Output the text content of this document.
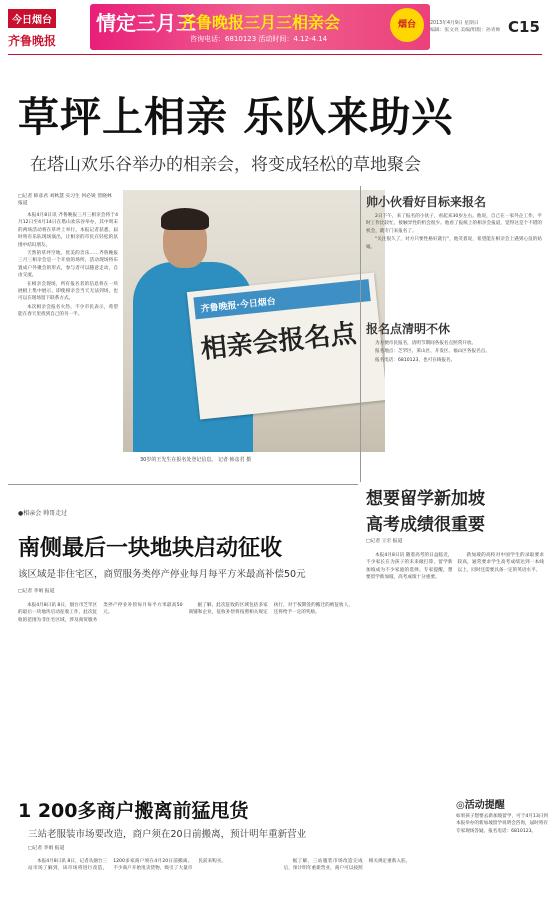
今日烟台
齐鲁晚报
情定三月三
齐鲁晚报三月三相亲会
咨询电话：6810123 活动时间：4.12-4.14
烟台	2013年4月9日 星期日
编辑：张文亮 美编/组版：孙青帅 C15
草坪上相亲 乐队来助兴
在塔山欢乐谷举办的相亲会，将变成轻松的草地聚会
□记者 韩彦君 刘秋慧 实习生 何必锐 贺晓林 报道

本报4月8日讯 齐鲁晚报三月三相亲会将于4月12日至4月14日在塔山欢乐谷举办，其中周末的两场活动将在草坪上举行。本报记者获悉，届时将有乐队现场演出，让相亲的市民在轻松的氛围中结识朋友。

天然的草坪空地，优美的音乐……齐鲁晚报三月三相亲会是一个开放的场所，活动现场将布置成户外聚会的形式，参与者可以随意走动，自由交流。

在相亲会现场，所有报名者的信息将在一块展板上集中展示，即使相亲会当天无法到场，也可以在现场留下联系方式。

本次相亲会报名火热，不少市民表示，希望能在春天里找到自己的另一半。	齐鲁晚报·今日烟台
相亲会报名点
30岁的王先生在报名处登记信息。 记者 韩彦君 摄
帅小伙看好目标来报名

2日下午，来了报名的小伙子，看起来30岁左右。他说，自己在一家外企工作，平时工作比较忙，接触异性的机会很少。他看了报纸上的相亲会报道，觉得这是个不错的机会，就专门来报名了。

"关注很久了，对方只要性格好就行"，他笑着说，希望能在相亲会上遇到心仪的姑娘。

报名点清明不休

为方便市民报名，清明节期间各报名点照常开放。

报名地点：芝罘区、莱山区、开发区、福山区各报名点。

报名电话：6810123，也可在线报名。

●相亲会 帅哥走过
南侧最后一块地块启动征收
该区域是非住宅区，商贸服务类停产停业每月每平方米最高补偿50元
□记者 李娟 报道

本报4月8日讯 8日，烟台市芝罘区的最后一块地块启动征收工作，此次征收的范围为非住宅区域，涉及商贸服务类停产停业补偿每月每平方米最高50元。

据了解，此次征收的区域包括多家商铺和企业，征收补偿将按照相关规定执行，对于按期签约搬迁的被征收人，还将给予一定的奖励。

想要留学新加坡
高考成绩很重要
□记者 王宏 报道

本报4月8日讯 随着高考的日益临近，不少家长在为孩子的未来做打算，留学新加坡成为不少家庭的选择。专家提醒，想要留学新加坡，高考成绩十分重要。

新加坡的高校对中国学生的录取要求较高，通常要求学生高考成绩达到一本线以上，同时还需要具备一定的英语水平。

1 200多商户搬离前猛甩货
三站老服装市场要改造，商户须在20日前搬离，预计明年重新营业
□记者 李娟 报道

本报4月8日讯 8日，记者从烟台三站市场了解到，该市场将进行改造，1200多家商户须在4月20日前搬离。不少商户开始甩卖货物，吸引了大量市民前来购买。	据了解，三站服装市场改造完成后，预计明年重新营业，商户可以按照相关规定重新入驻。

◎活动提醒
如果孩子想要去新加坡留学，可于4月13日到本报举办的新加坡留学说明会咨询，届时将有专家现场答疑。报名电话：6810123。
